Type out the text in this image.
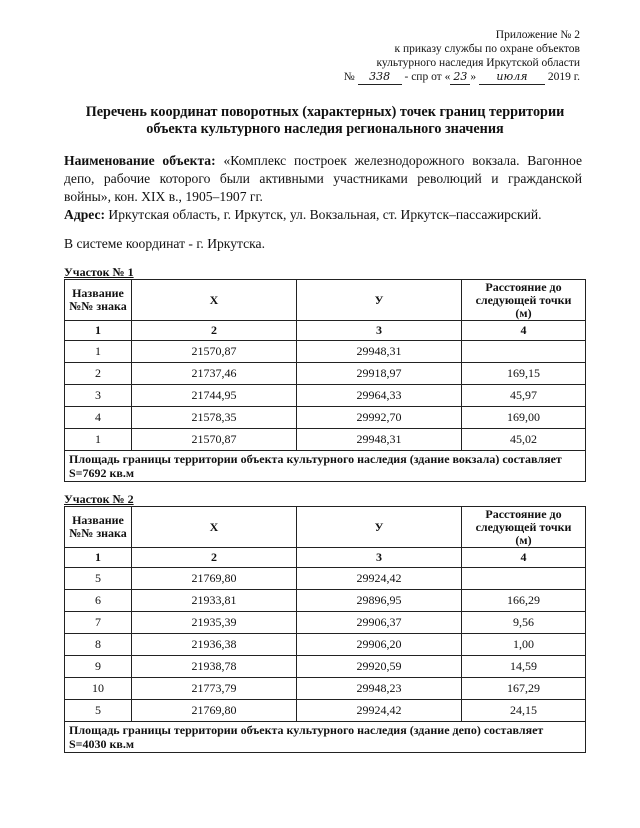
Приложение № 2
к приказу службы по охране объектов
культурного наследия Иркутской области
№ 338 - спр от « 23 » июля 2019 г.
Перечень координат поворотных (характерных) точек границ территории
объекта культурного наследия регионального значения
Наименование объекта: «Комплекс построек железнодорожного вокзала. Вагонное депо, рабочие которого были активными участниками революций и гражданской войны», кон. XIX в., 1905–1907 гг.
Адрес: Иркутская область, г. Иркутск, ул. Вокзальная, ст. Иркутск–пассажирский.
В системе координат - г. Иркутска.
Участок № 1
Название №№ знака	X	У	Расстояние до следующей точки (м)
1	2	3	4
1	21570,87	29948,31	
2	21737,46	29918,97	169,15
3	21744,95	29964,33	45,97
4	21578,35	29992,70	169,00
1	21570,87	29948,31	45,02
Площадь границы территории объекта культурного наследия (здание вокзала) составляет S=7692 кв.м			
Участок № 2
Название №№ знака	X	У	Расстояние до следующей точки (м)
1	2	3	4
5	21769,80	29924,42	
6	21933,81	29896,95	166,29
7	21935,39	29906,37	9,56
8	21936,38	29906,20	1,00
9	21938,78	29920,59	14,59
10	21773,79	29948,23	167,29
5	21769,80	29924,42	24,15
Площадь границы территории объекта культурного наследия (здание депо) составляет S=4030 кв.м			
